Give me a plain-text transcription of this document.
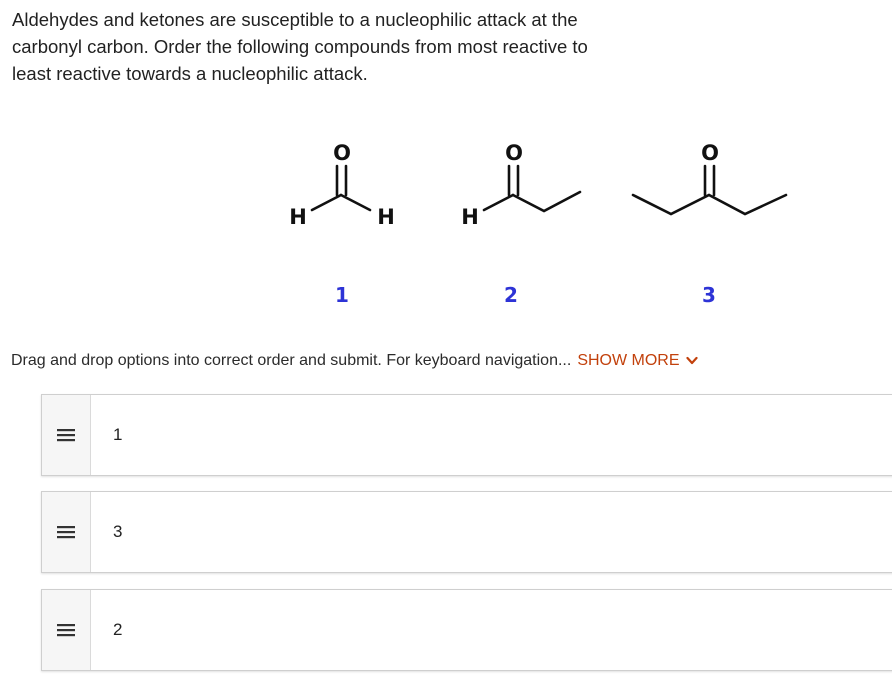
Aldehydes and ketones are susceptible to a nucleophilic attack at the carbonyl carbon. Order the following compounds from most reactive to least reactive towards a nucleophilic attack.
O
H	H
1
O
H
2
O
3
Drag and drop options into correct order and submit. For keyboard navigation... SHOW MORE
1
3
2
